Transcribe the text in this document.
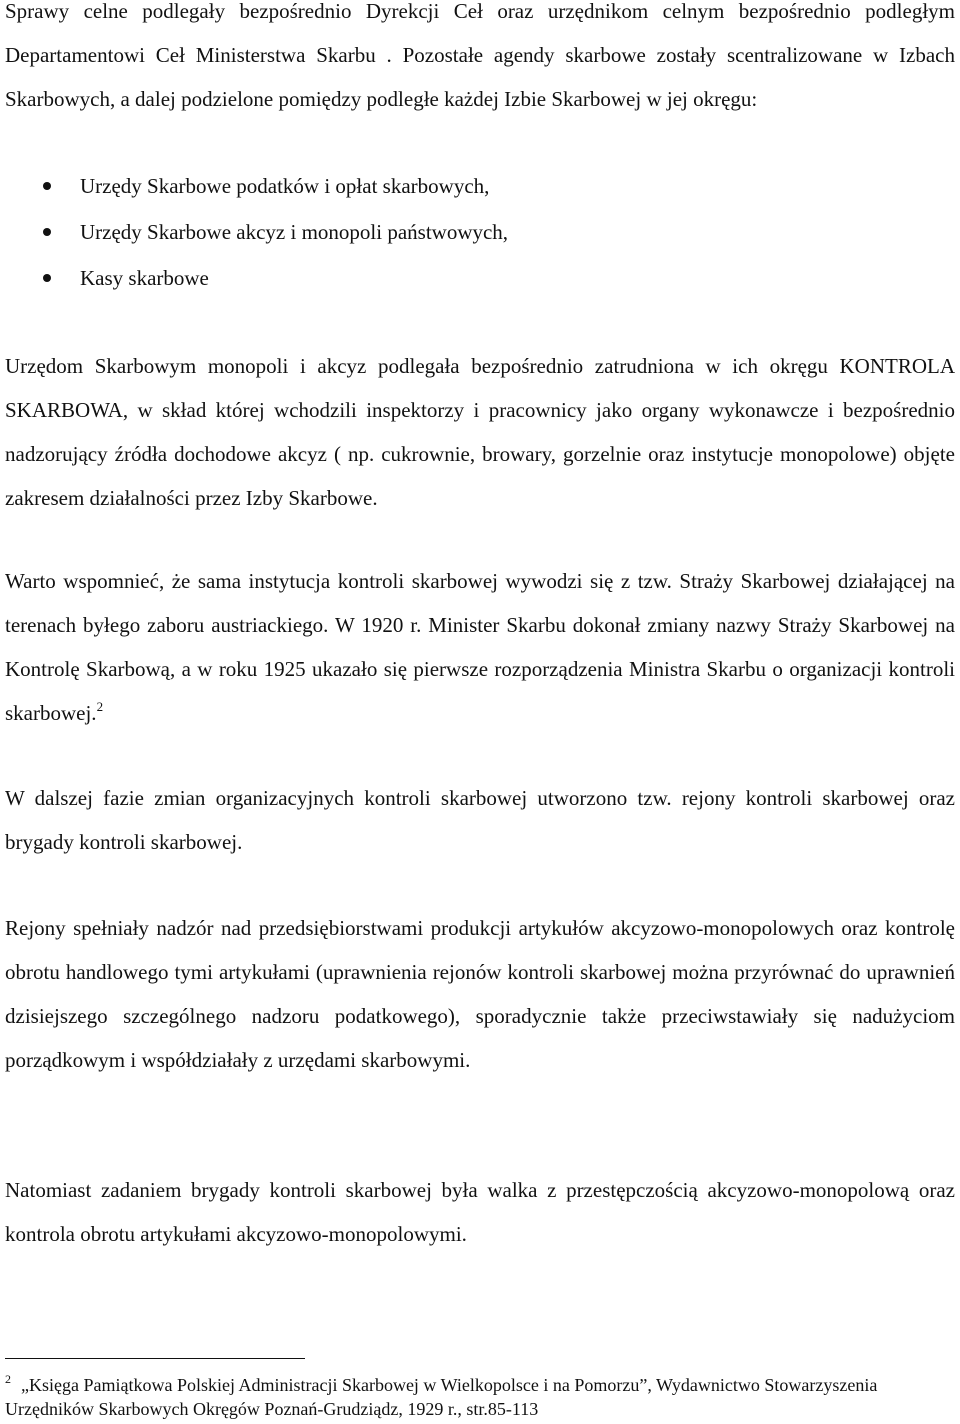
Sprawy celne podlegały bezpośrednio Dyrekcji Ceł oraz urzędnikom celnym bezpośrednio podległym Departamentowi Ceł Ministerstwa Skarbu . Pozostałe agendy skarbowe zostały scentralizowane w Izbach Skarbowych, a dalej podzielone pomiędzy podległe każdej Izbie Skarbowej w jej okręgu:

Urzędy Skarbowe podatków i opłat skarbowych,
Urzędy Skarbowe akcyz i monopoli państwowych,
Kasy skarbowe

Urzędom Skarbowym monopoli i akcyz podlegała bezpośrednio zatrudniona w ich okręgu KONTROLA SKARBOWA, w skład której wchodzili inspektorzy i pracownicy jako organy wykonawcze i bezpośrednio nadzorujący źródła dochodowe akcyz ( np. cukrownie, browary, gorzelnie oraz instytucje monopolowe) objęte zakresem działalności przez Izby Skarbowe.

Warto wspomnieć, że sama instytucja kontroli skarbowej wywodzi się z tzw. Straży Skarbowej działającej na terenach byłego zaboru austriackiego. W 1920 r. Minister Skarbu dokonał zmiany nazwy Straży Skarbowej na Kontrolę Skarbową, a w roku 1925 ukazało się pierwsze rozporządzenia Ministra Skarbu o organizacji kontroli skarbowej.$^2$

W dalszej fazie zmian organizacyjnych kontroli skarbowej utworzono tzw. rejony kontroli skarbowej oraz brygady kontroli skarbowej.

Rejony spełniały nadzór nad przedsiębiorstwami produkcji artykułów akcyzowo-monopolowych oraz kontrolę obrotu handlowego tymi artykułami (uprawnienia rejonów kontroli skarbowej można przyrównać do uprawnień dzisiejszego szczególnego nadzoru podatkowego), sporadycznie także przeciwstawiały się nadużyciom porządkowym i współdziałały z urzędami skarbowymi.

Natomiast zadaniem brygady kontroli skarbowej była walka z przestępczością akcyzowo-monopolową oraz kontrola obrotu artykułami akcyzowo-monopolowymi.

$^2$ „Księga Pamiątkowa Polskiej Administracji Skarbowej w Wielkopolsce i na Pomorzu”, Wydawnictwo Stowarzyszenia Urzędników Skarbowych Okręgów Poznań-Grudziądz, 1929 r., str.85-113
